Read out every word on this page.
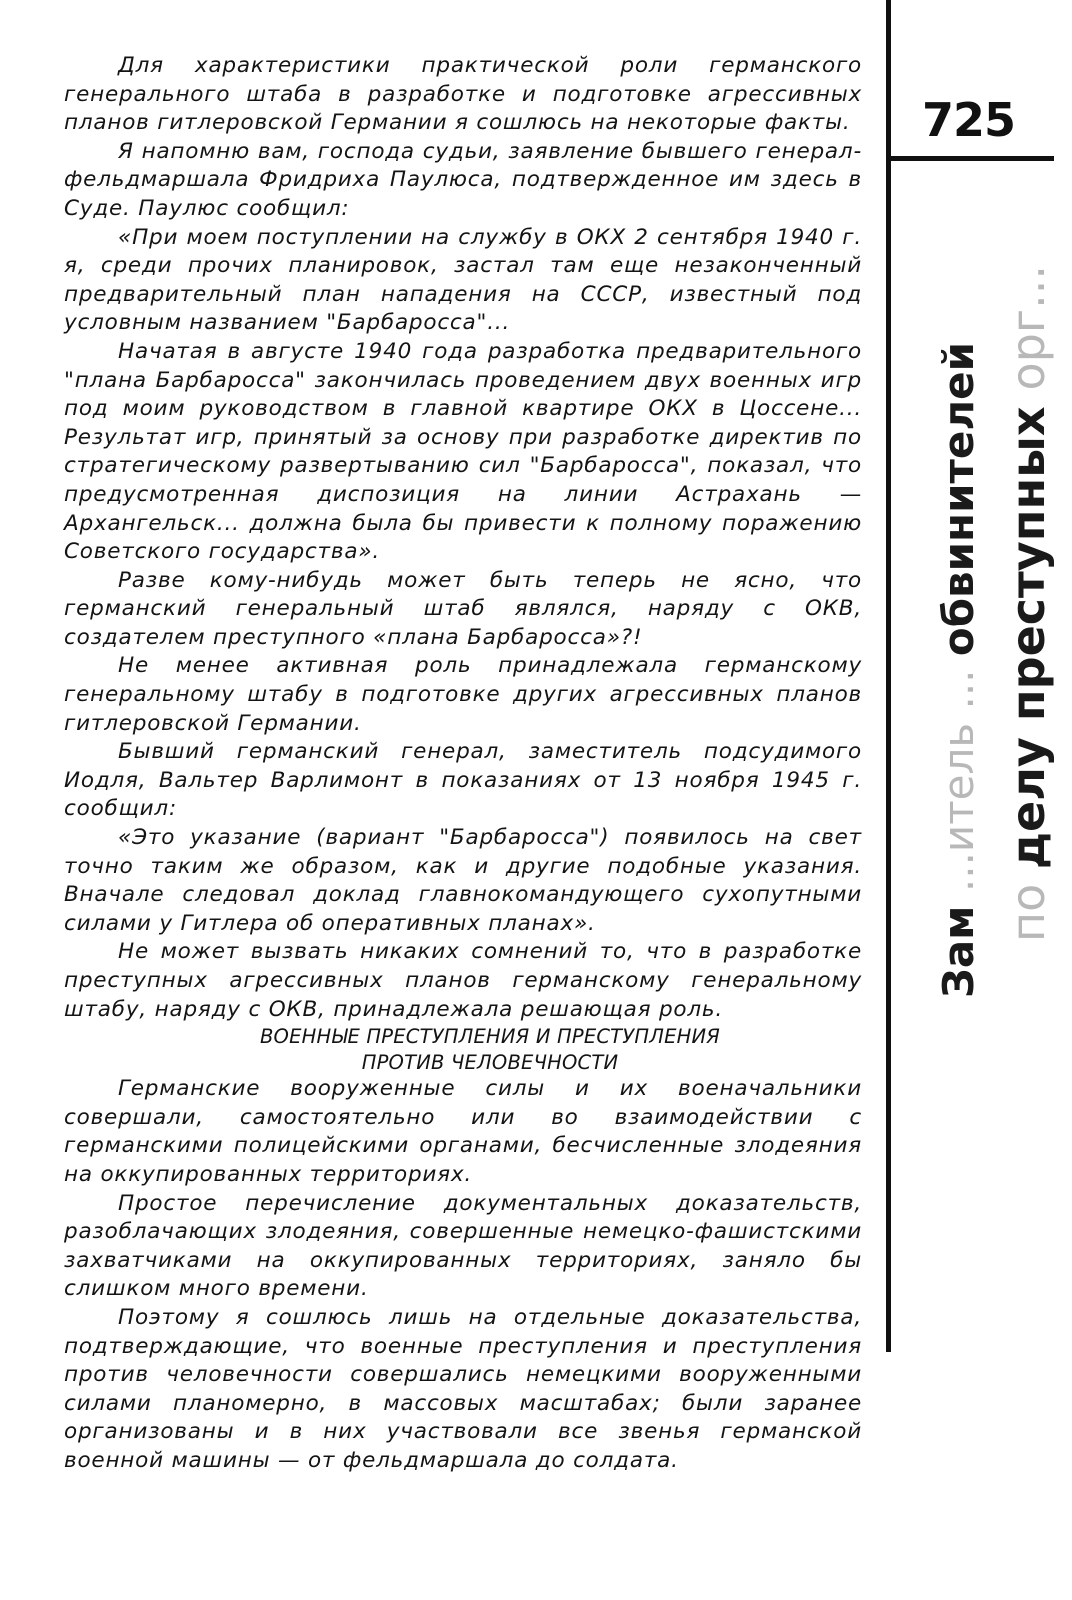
Для характеристики практической роли германского генерального штаба в разработке и подготовке агрессивных планов гитлеровской Германии я сошлюсь на некоторые факты.

Я напомню вам, господа судьи, заявление бывшего генерал-фельдмаршала Фридриха Паулюса, подтвержденное им здесь в Суде. Паулюс сообщил:

«При моем поступлении на службу в ОКХ 2 сентября 1940 г. я, среди прочих планировок, застал там еще незаконченный предварительный план нападения на СССР, известный под условным названием "Барбаросса"...

Начатая в августе 1940 года разработка предварительного "плана Барбаросса" закончилась проведением двух военных игр под моим руководством в главной квартире ОКХ в Цоссене... Результат игр, принятый за основу при разработке директив по стратегическому развертыванию сил "Барбаросса", показал, что предусмотренная диспозиция на линии Астрахань — Архангельск... должна была бы привести к полному поражению Советского государства».

Разве кому-нибудь может быть теперь не ясно, что германский генеральный штаб являлся, наряду с ОКВ, создателем преступного «плана Барбаросса»?!

Не менее активная роль принадлежала германскому генеральному штабу в подготовке других агрессивных планов гитлеровской Германии.

Бывший германский генерал, заместитель подсудимого Иодля, Вальтер Варлимонт в показаниях от 13 ноября 1945 г. сообщил:

«Это указание (вариант "Барбаросса") появилось на свет точно таким же образом, как и другие подобные указания. Вначале следовал доклад главнокомандующего сухопутными силами у Гитлера об оперативных планах».

Не может вызвать никаких сомнений то, что в разработке преступных агрессивных планов германскому генеральному штабу, наряду с ОКВ, принадлежала решающая роль.

ВОЕННЫЕ ПРЕСТУПЛЕНИЯ И ПРЕСТУПЛЕНИЯ
ПРОТИВ ЧЕЛОВЕЧНОСТИ

Германские вооруженные силы и их военачальники совершали, самостоятельно или во взаимодействии с германскими полицейскими органами, бесчисленные злодеяния на оккупированных территориях.

Простое перечисление документальных доказательств, разоблачающих злодеяния, совершенные немецко-фашистскими захватчиками на оккупированных территориях, заняло бы слишком много времени.

Поэтому я сошлюсь лишь на отдельные доказательства, подтверждающие, что военные преступления и преступления против человечности совершались немецкими вооруженными силами планомерно, в массовых масштабах; были заранее организованы и в них участвовали все звенья германской военной машины — от фельдмаршала до солдата.

725
Зам ...итель ... обвинителей
по делу преступных орг...
